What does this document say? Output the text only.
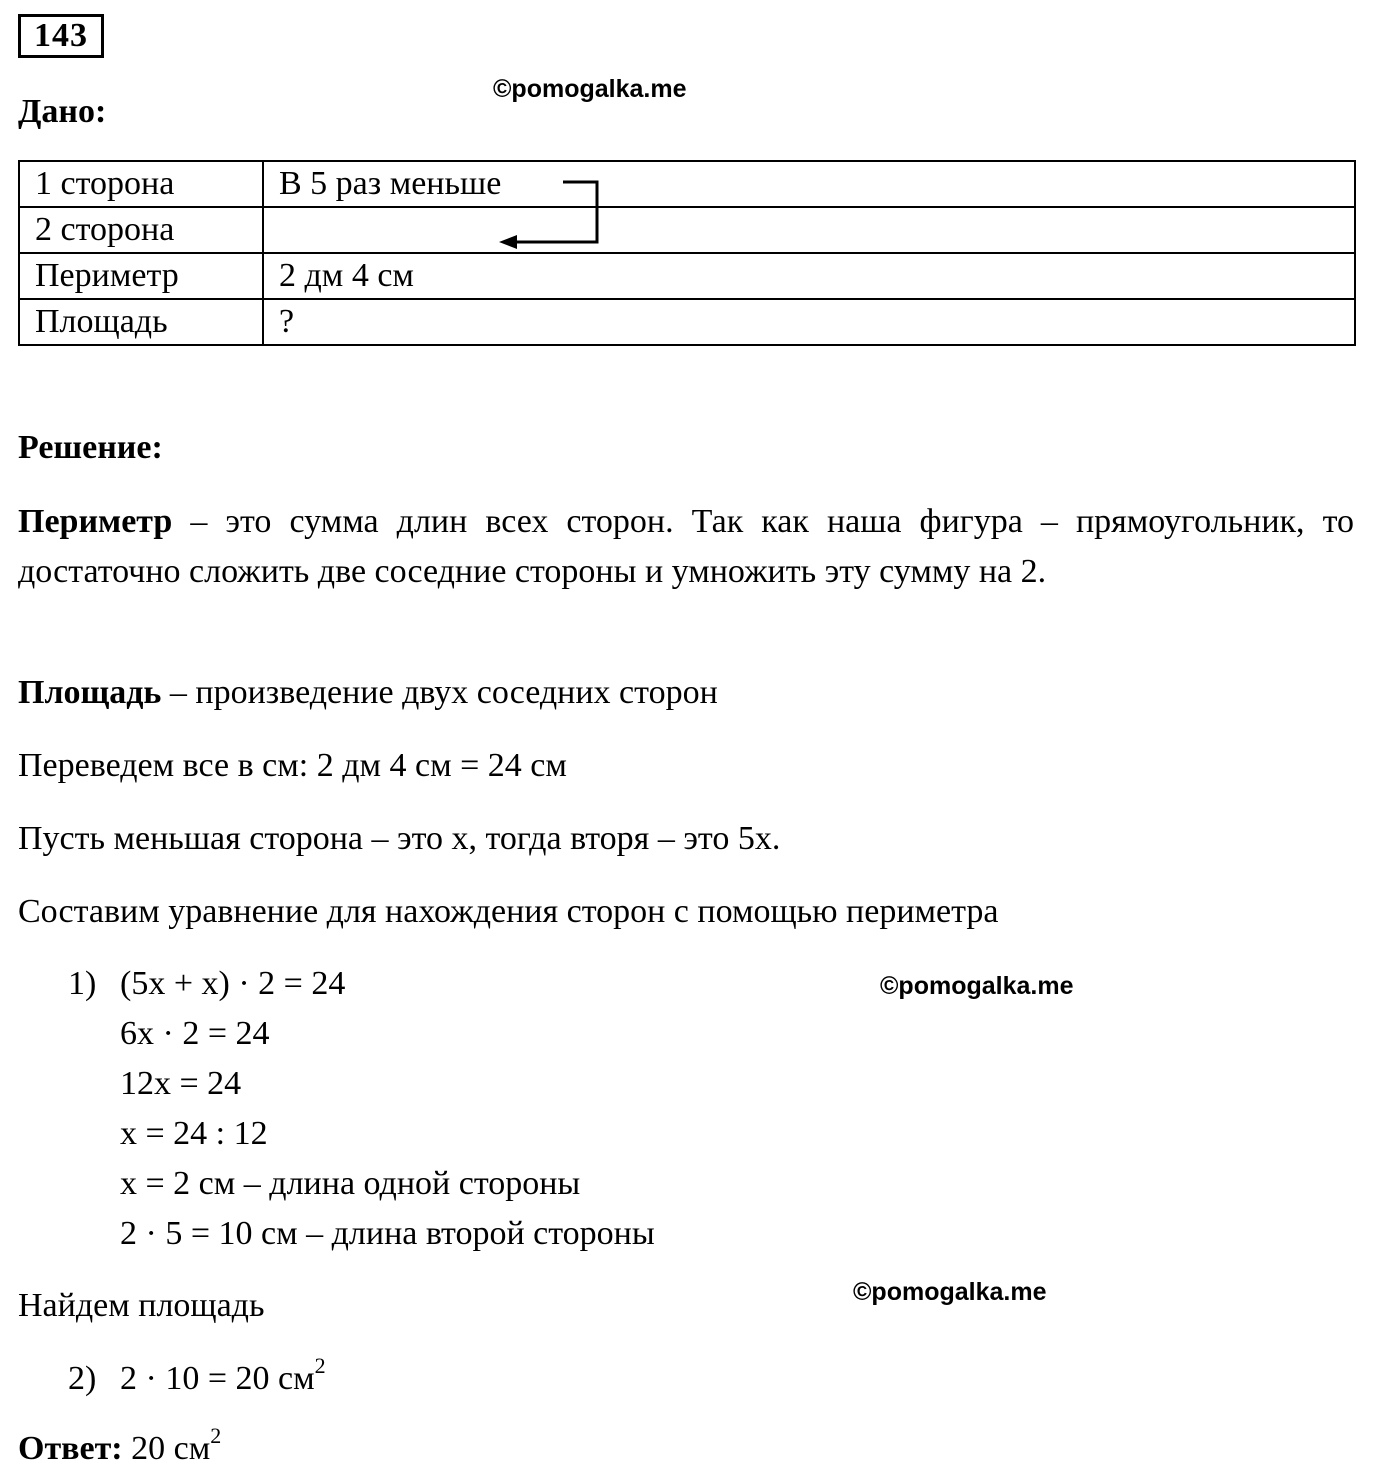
143
©pomogalka.me
Дано:
1 сторона	В 5 раз меньше
2 сторона	
Периметр	2 дм 4 см
Площадь	?
Решение:
Периметр – это сумма длин всех сторон. Так как наша фигура – прямоугольник, то достаточно сложить две соседние стороны и умножить эту сумму на 2.
Площадь – произведение двух соседних сторон
Переведем все в см: 2 дм 4 см = 24 см
Пусть меньшая сторона – это x, тогда вторя – это 5x.
Составим уравнение для нахождения сторон с помощью периметра
1) (5x + x) · 2 = 24
6x · 2 = 24
12x = 24
x = 24 : 12
x = 2 см – длина одной стороны
2 · 5 = 10 см – длина второй стороны
©pomogalka.me
Найдем площадь	©pomogalka.me
2) 2 · 10 = 20 $см^2$
Ответ: 20 $см^2$
